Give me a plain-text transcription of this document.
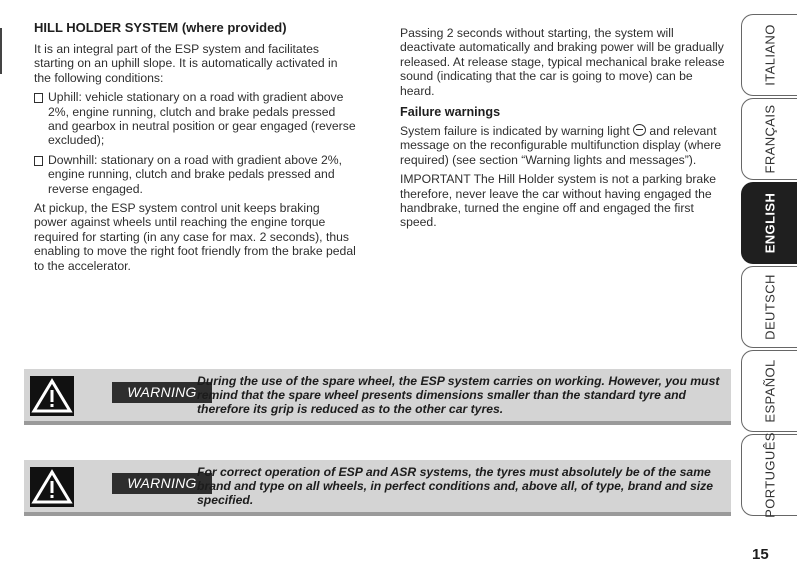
HILL HOLDER SYSTEM (where provided)

It is an integral part of the ESP system and facilitates starting on an uphill slope. It is automatically activated in the following conditions:

Uphill: vehicle stationary on a road with gradient above 2%, engine running, clutch and brake pedals pressed and gearbox in neutral position or gear engaged (reverse excluded);
Downhill: stationary on a road with gradient above 2%, engine running, clutch and brake pedals pressed and reverse engaged.

At pickup, the ESP system control unit keeps braking power against wheels until reaching the engine torque required for starting (in any case for max. 2 seconds), thus enabling to move the right foot friendly from the brake pedal to the accelerator.

Passing 2 seconds without starting, the system will deactivate automatically and braking power will be gradually released. At release stage, typical mechanical brake release sound (indicating that the car is going to move) can be heard.

Failure warnings

System failure is indicated by warning light and relevant message on the reconfigurable multifunction display (where required) (see section “Warning lights and messages”).

IMPORTANT The Hill Holder system is not a parking brake therefore, never leave the car without having engaged the handbrake, turned the engine off and engaged the first speed.

WARNING
During the use of the spare wheel, the ESP system carries on working. However, you must remind that the spare wheel presents dimensions smaller than the standard tyre and therefore its grip is reduced as to the other car tyres.
WARNING
For correct operation of ESP and ASR systems, the tyres must absolutely be of the same brand and type on all wheels, in perfect conditions and, above all, of type, brand and size specified.
ITALIANO
FRANÇAIS
ENGLISH
DEUTSCH
ESPAÑOL
PORTUGUÊS
15
